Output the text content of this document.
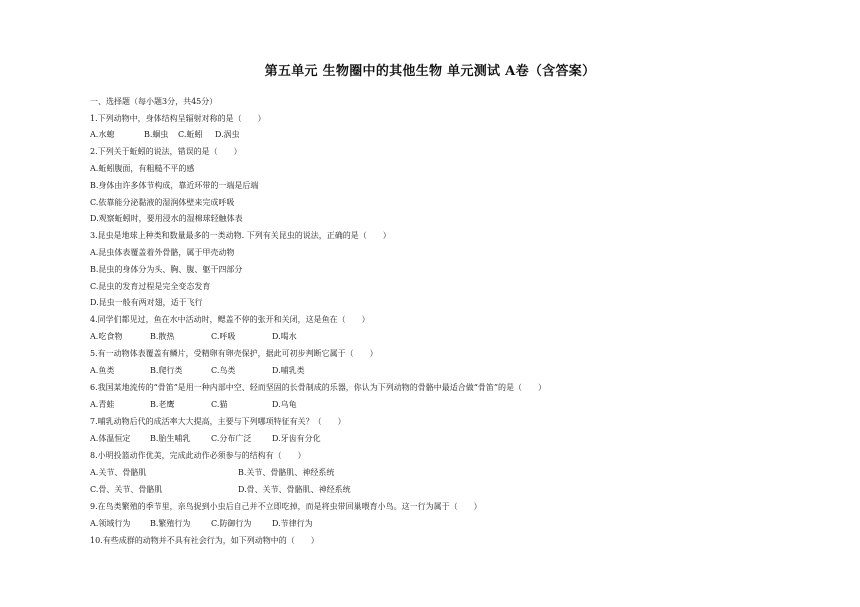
第五单元 生物圈中的其他生物 单元测试 A卷（含答案）
一、选择题（每小题3分，共45分）
1.下列动物中，身体结构呈辐射对称的是（　　）
A.水螅	B.蛔虫 C.蚯蚓 D.涡虫
2.下列关于蚯蚓的说法，错误的是（　　）
A.蚯蚓腹面，有粗糙不平的感
B.身体由许多体节构成，靠近环带的一端是后端
C.依靠能分泌黏液的湿润体壁来完成呼吸
D.观察蚯蚓时，要用浸水的湿棉球轻触体表
3.昆虫是地球上种类和数量最多的一类动物. 下列有关昆虫的说法，正确的是（　　）
A.昆虫体表覆盖着外骨骼，属于甲壳动物
B.昆虫的身体分为头、胸、腹、躯干四部分
C.昆虫的发育过程是完全变态发育
D.昆虫一般有两对翅，适于飞行
4.同学们都见过，鱼在水中活动时，鳃盖不停的张开和关闭，这是鱼在（　　）
A.吃食物	B.散热	C.呼吸	D.喝水
5.有一动物体表覆盖有鳞片，受精卵有卵壳保护，据此可初步判断它属于（　　）
A.鱼类	B.爬行类	C.鸟类	D.哺乳类
6.我国某地流传的“骨笛”是用一种内部中空、轻而坚固的长骨制成的乐器，你认为下列动物的骨骼中最适合做“骨笛”的是（　　）
A.青蛙	B.老鹰	C.猫	D.乌龟
7.哺乳动物后代的成活率大大提高，主要与下列哪项特征有关？（　　）
A.体温恒定 B.胎生哺乳	C.分布广泛	D.牙齿有分化
8.小明投篮动作优美，完成此动作必须参与的结构有（　　）
A.关节、骨骼肌	B.关节、骨骼肌、神经系统
C.骨、关节、骨骼肌	D.骨、关节、骨骼肌、神经系统
9.在鸟类繁殖的季节里，亲鸟捉到小虫后自己并不立即吃掉，而是将虫带回巢喂育小鸟。这一行为属于（　　）
A.领域行为 B.繁殖行为	C.防御行为	D.节律行为
10.有些成群的动物并不具有社会行为，如下列动物中的（　　）
